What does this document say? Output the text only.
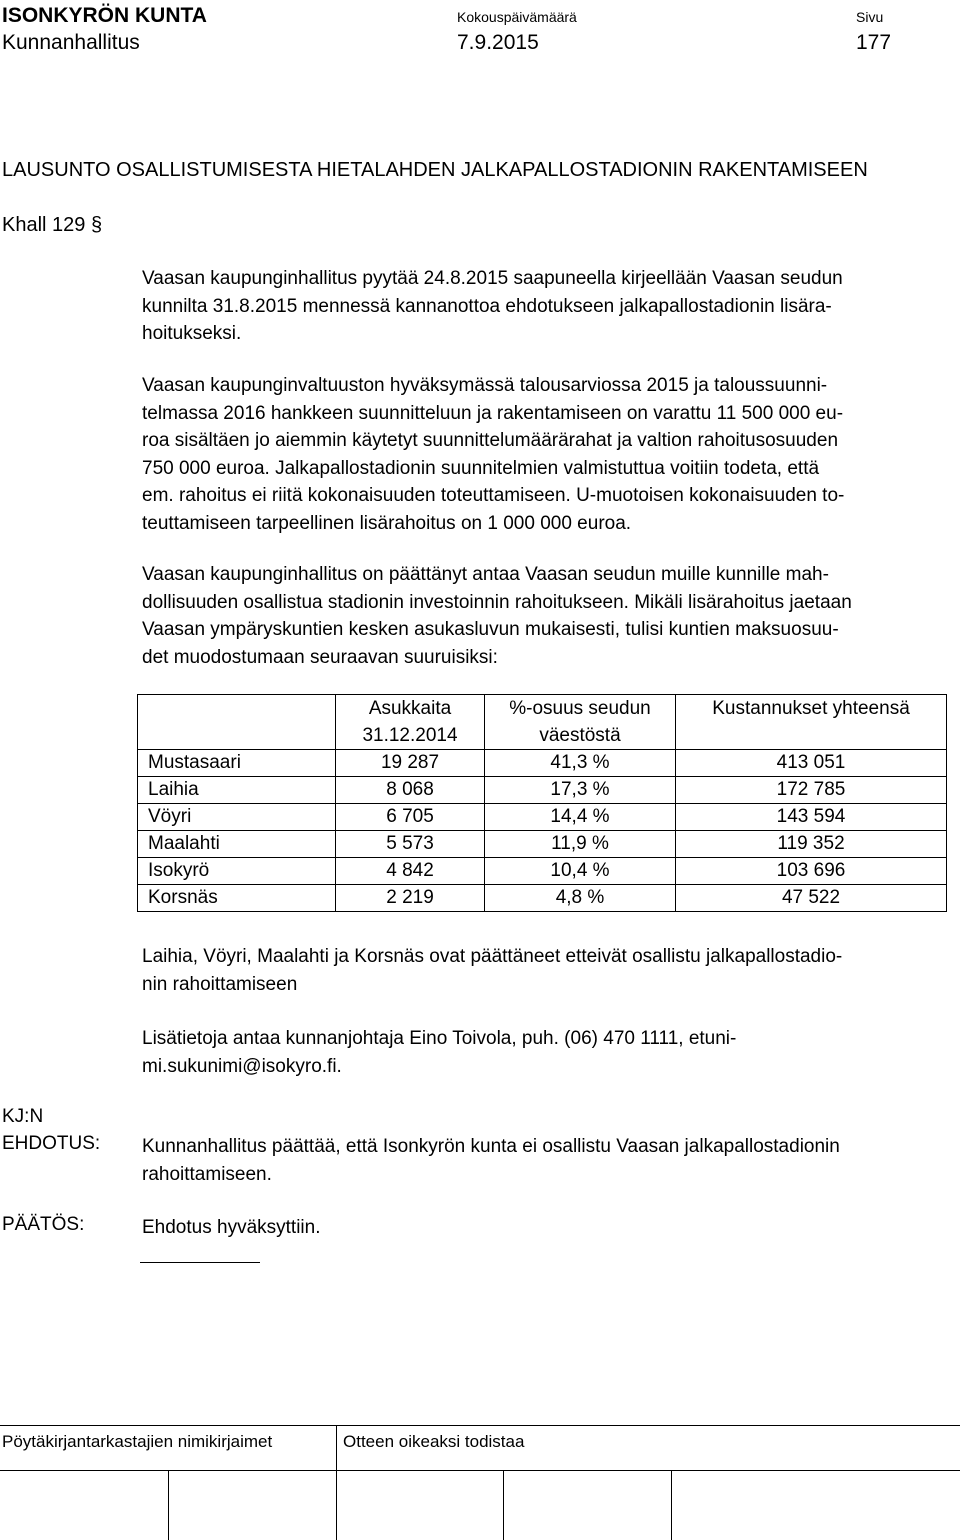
ISONKYRÖN KUNTA
Kunnanhallitus
Kokouspäivämäärä
7.9.2015
Sivu
177
LAUSUNTO OSALLISTUMISESTA HIETALAHDEN JALKAPALLOSTADIONIN RAKENTAMISEEN
Khall 129 §
Vaasan kaupunginhallitus pyytää 24.8.2015 saapuneella kirjeellään Vaasan seudun
kunnilta 31.8.2015 mennessä kannanottoa ehdotukseen jalkapallostadionin lisära-
hoitukseksi.
Vaasan kaupunginvaltuuston hyväksymässä talousarviossa 2015 ja taloussuunni-
telmassa 2016 hankkeen suunnitteluun ja rakentamiseen on varattu 11 500 000 eu-
roa sisältäen jo aiemmin käytetyt suunnittelumäärärahat ja valtion rahoitusosuuden
750 000 euroa. Jalkapallostadionin suunnitelmien valmistuttua voitiin todeta, että
em. rahoitus ei riitä kokonaisuuden toteuttamiseen. U-muotoisen kokonaisuuden to-
teuttamiseen tarpeellinen lisärahoitus on 1 000 000 euroa.
Vaasan kaupunginhallitus on päättänyt antaa Vaasan seudun muille kunnille mah-
dollisuuden osallistua stadionin investoinnin rahoitukseen. Mikäli lisärahoitus jaetaan
Vaasan ympäryskuntien kesken asukasluvun mukaisesti, tulisi kuntien maksuosuu-
det muodostumaan seuraavan suuruisiksi:
	Asukkaita
31.12.2014	%-osuus seudun
väestöstä	Kustannukset yhteensä
Mustasaari	19 287	41,3 %	413 051
Laihia	8 068	17,3 %	172 785
Vöyri	6 705	14,4 %	143 594
Maalahti	5 573	11,9 %	119 352
Isokyrö	4 842	10,4 %	103 696
Korsnäs	2 219	4,8 %	47 522
Laihia, Vöyri, Maalahti ja Korsnäs ovat päättäneet etteivät osallistu jalkapallostadio-
nin rahoittamiseen
Lisätietoja antaa kunnanjohtaja Eino Toivola, puh. (06) 470 1111, etuni-
mi.sukunimi@isokyro.fi.
KJ:N
EHDOTUS: Kunnanhallitus päättää, että Isonkyrön kunta ei osallistu Vaasan jalkapallostadionin
rahoittamiseen.
PÄÄTÖS:	Ehdotus hyväksyttiin.
Pöytäkirjantarkastajien nimikirjaimet	Otteen oikeaksi todistaa
